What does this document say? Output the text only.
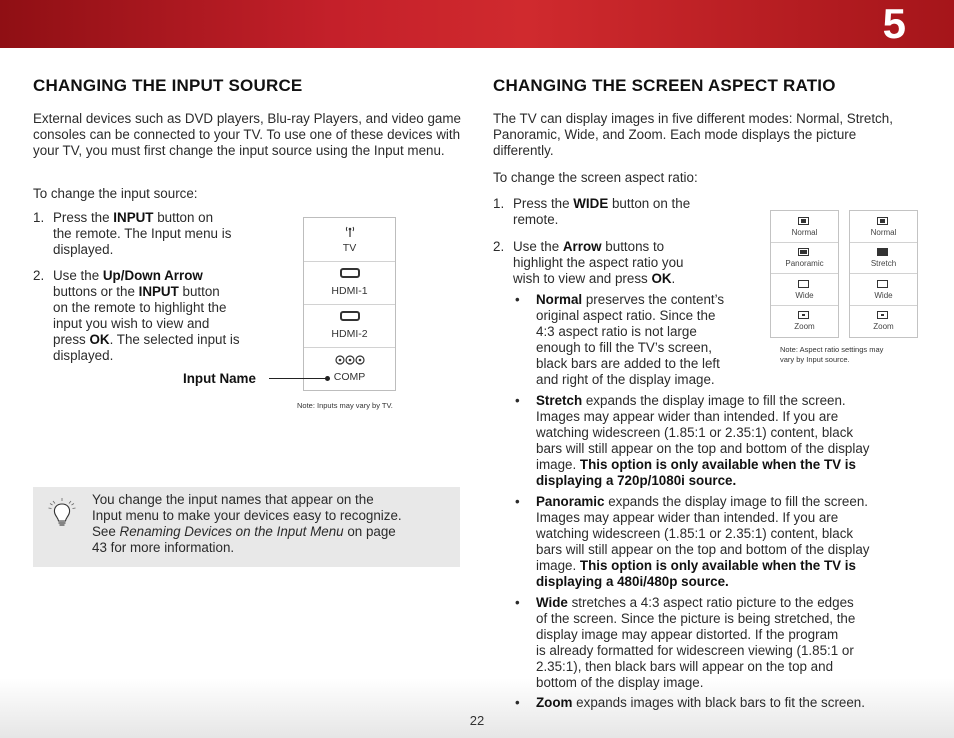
5
22
CHANGING THE INPUT SOURCE

External devices such as DVD players, Blu-ray Players, and video game consoles can be connected to your TV. To use one of these devices with your TV, you must first change the input source using the Input menu.

To change the input source:

1. Press the INPUT button on
the remote. The Input menu is
displayed.
2. Use the Up/Down Arrow
buttons or the INPUT button
on the remote to highlight the
input you wish to view and
press OK. The selected input is
displayed.
TV
HDMI-1
HDMI-2
COMP
Input Name
Note: Inputs may vary by TV.
You change the input names that appear on the
Input menu to make your devices easy to recognize.
See Renaming Devices on the Input Menu on page
43 for more information.
CHANGING THE SCREEN ASPECT RATIO
The TV can display images in five different modes: Normal, Stretch,
Panoramic, Wide, and Zoom. Each mode displays the picture
differently.

To change the screen aspect ratio:

1. Press the WIDE button on the
remote.
2. Use the Arrow buttons to
highlight the aspect ratio you
wish to view and press OK.
• Normal preserves the content’s
original aspect ratio. Since the
4:3 aspect ratio is not large
enough to fill the TV’s screen,
black bars are added to the left
and right of the display image.
• Stretch expands the display image to fill the screen.
Images may appear wider than intended. If you are
watching widescreen (1.85:1 or 2.35:1) content, black
bars will still appear on the top and bottom of the display
image. This option is only available when the TV is
displaying a 720p/1080i source.
• Panoramic expands the display image to fill the screen.
Images may appear wider than intended. If you are
watching widescreen (1.85:1 or 2.35:1) content, black
bars will still appear on the top and bottom of the display
image. This option is only available when the TV is
displaying a 480i/480p source.
• Wide stretches a 4:3 aspect ratio picture to the edges
of the screen. Since the picture is being stretched, the
display image may appear distorted. If the program
is already formatted for widescreen viewing (1.85:1 or
2.35:1), then black bars will appear on the top and
bottom of the display image.
• Zoom expands images with black bars to fit the screen.
Normal
Panoramic
Wide
Zoom
Normal
Stretch
Wide
Zoom
Note: Aspect ratio settings may
vary by Input source.
